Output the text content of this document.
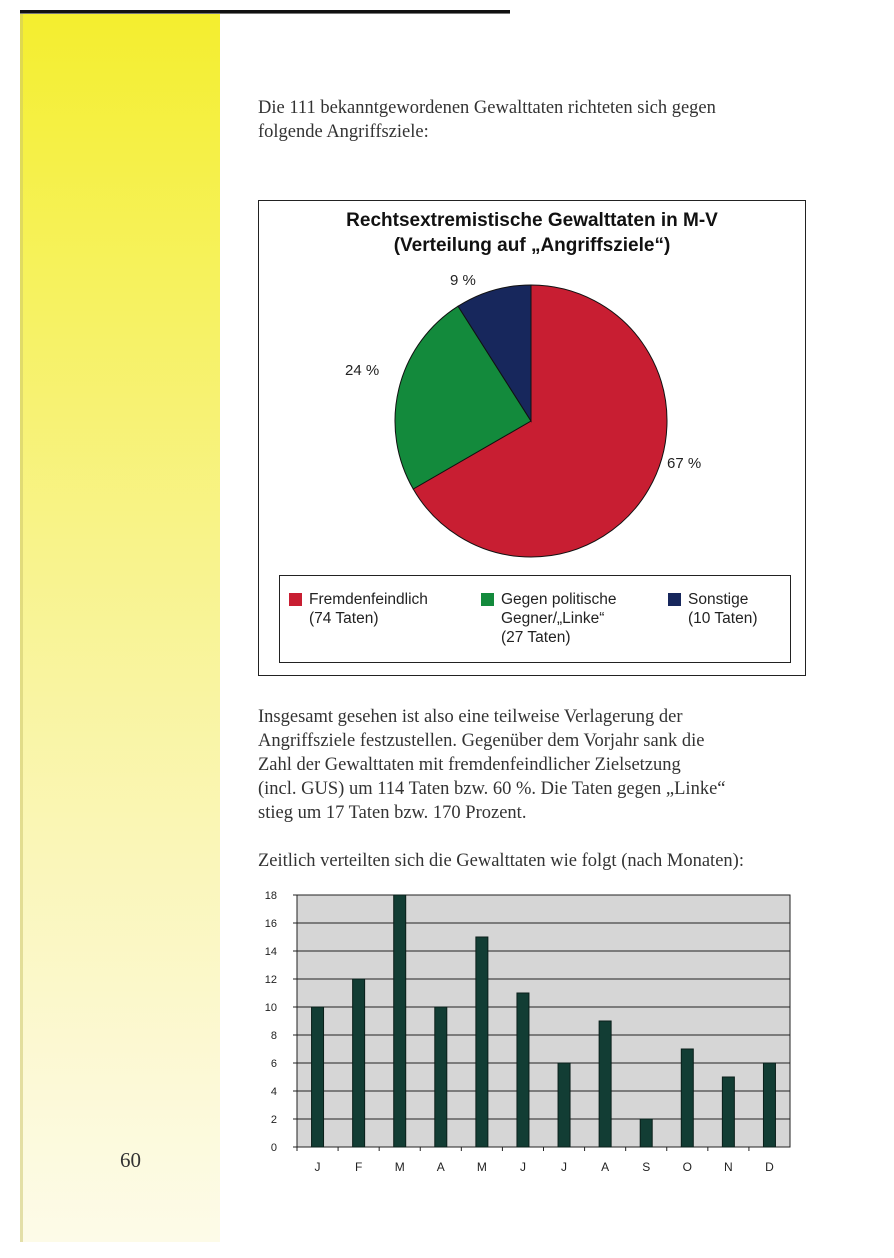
Die 111 bekanntgewordenen Gewalttaten richteten sich gegen
folgende Angriffsziele:

Rechtsextremistische Gewalttaten in M-V
(Verteilung auf „Angriffsziele“)
67 %
24 %
9 %
Fremdenfeindlich
(74 Taten)
Gegen politische
Gegner/„Linke“
(27 Taten)
Sonstige
(10 Taten)

Insgesamt gesehen ist also eine teilweise Verlagerung der
Angriffsziele festzustellen. Gegenüber dem Vorjahr sank die
Zahl der Gewalttaten mit fremdenfeindlicher Zielsetzung
(incl. GUS) um 114 Taten bzw. 60 %. Die Taten gegen „Linke“
stieg um 17 Taten bzw. 170 Prozent.

Zeitlich verteilten sich die Gewalttaten wie folgt (nach Monaten):

0
2
4
6
8
10
12
14
16
18
J	F	M	A	M	J	J	A	S	O	N	D
60
